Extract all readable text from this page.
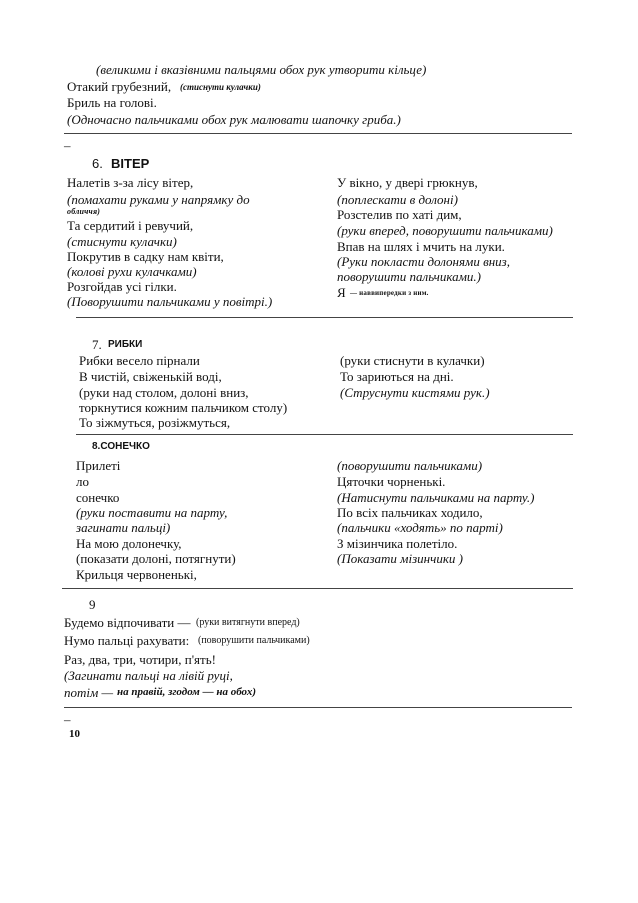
(великими і вказівними пальцями обох рук утворити кільце)
Отакий грубезний, (стиснути кулачки)
Бриль на голові.
(Одночасно пальчиками обох рук малювати шапочку гриба.)
–
6. ВІТЕР
Налетів з-за лісу вітер,
(помахати руками у напрямку до
обличчя)
Та сердитий і ревучий,
(стиснути кулачки)
Покрутив в садку нам квіти,
(колові рухи кулачками)
Розгойдав усі гілки.
(Поворушити пальчиками у повітрі.)
У вікно, у двері грюкнув,
(поплескати в долоні)
Розстелив по хаті дим,
(руки вперед, поворушити пальчиками)
Впав на шлях і мчить на луки.
(Руки покласти долонями вниз,
поворушити пальчиками.)
Я — наввипередки з ним.
7. РИБКИ
Рибки весело пірнали
В чистій, свіженькій воді,
(руки над столом, долоні вниз,
торкнутися кожним пальчиком столу)
То зіжмуться, розіжмуться,
(руки стиснути в кулачки)
То зариються на дні.
(Струснути кистями рук.)
8.СОНЕЧКО
Прилеті
ло
сонечко
(руки поставити на парту,
загинати пальці)
На мою долонечку,
(показати долоні, потягнути)
Крильця червоненькі,
(поворушити пальчиками)
Цяточки чорненькі.
(Натиснути пальчиками на парту.)
По всіх пальчиках ходило,
(пальчики «ходять» по парті)
З мізинчика полетіло.
(Показати мізинчики )
9
Будемо відпочивати — (руки витягнути вперед)
Нумо пальці рахувати: (поворушити пальчиками)
Раз, два, три, чотири, п'ять!
(Загинати пальці на лівій руці,
потім — на правій, згодом — на обох)
–
10
